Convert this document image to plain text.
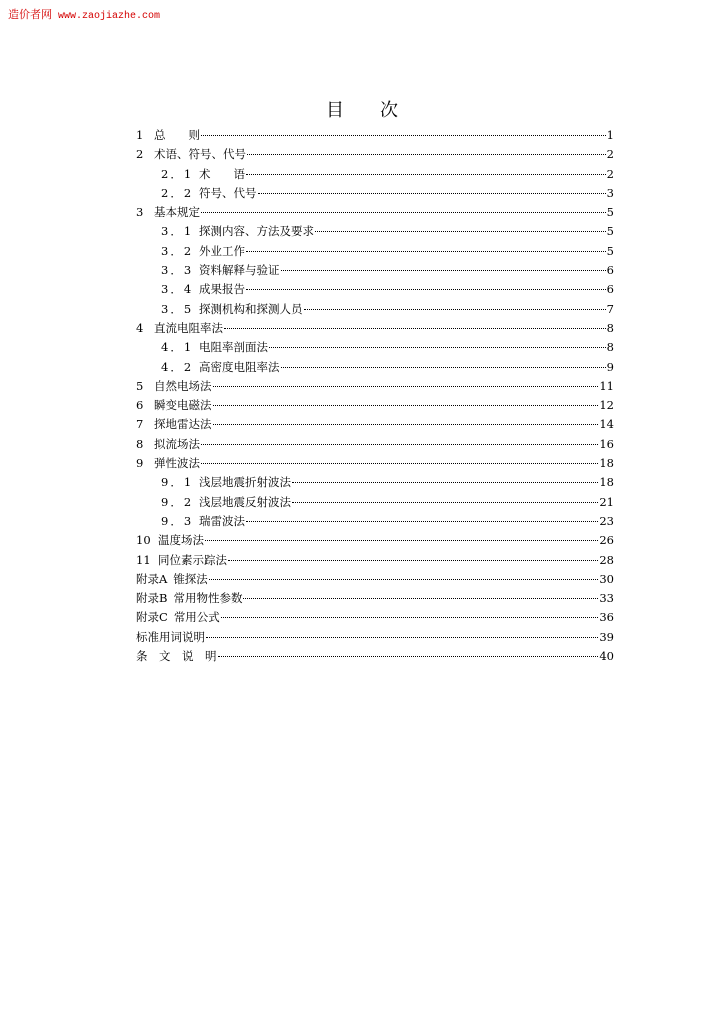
造价者网 www.zaojiazhe.com
目 次
1 总　　则	1
2 术语、符号、代号	2
2．1 术　　语	2
2．2 符号、代号	3
3 基本规定	5
3．1 探测内容、方法及要求	5
3．2 外业工作	5
3．3 资料解释与验证	6
3．4 成果报告	6
3．5 探测机构和探测人员	7
4 直流电阻率法	8
4．1 电阻率剖面法	8
4．2 高密度电阻率法	9
5 自然电场法	11
6 瞬变电磁法	12
7 探地雷达法	14
8 拟流场法	16
9 弹性波法	18
9．1 浅层地震折射波法	18
9．2 浅层地震反射波法	21
9．3 瑞雷波法	23
10 温度场法	26
11 同位素示踪法	28
附录A 锥探法	30
附录B 常用物性参数	33
附录C 常用公式	36
标准用词说明	39
条　文　说　明	40
